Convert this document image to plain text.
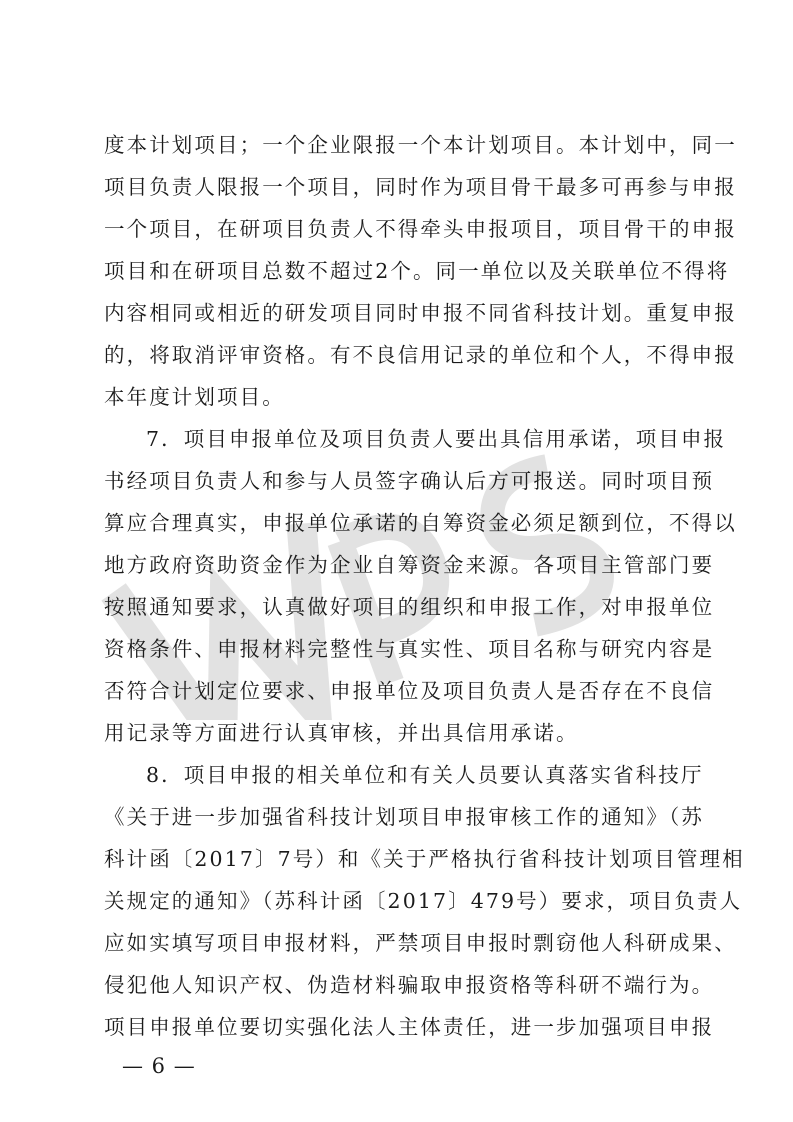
度本计划项目；一个企业限报一个本计划项目。本计划中，同一
项目负责人限报一个项目，同时作为项目骨干最多可再参与申报
一个项目，在研项目负责人不得牵头申报项目，项目骨干的申报
项目和在研项目总数不超过2个。同一单位以及关联单位不得将
内容相同或相近的研发项目同时申报不同省科技计划。重复申报
的，将取消评审资格。有不良信用记录的单位和个人，不得申报
本年度计划项目。
7．项目申报单位及项目负责人要出具信用承诺，项目申报
书经项目负责人和参与人员签字确认后方可报送。同时项目预
算应合理真实，申报单位承诺的自筹资金必须足额到位，不得以
地方政府资助资金作为企业自筹资金来源。各项目主管部门要
按照通知要求，认真做好项目的组织和申报工作，对申报单位
资格条件、申报材料完整性与真实性、项目名称与研究内容是
否符合计划定位要求、申报单位及项目负责人是否存在不良信
用记录等方面进行认真审核，并出具信用承诺。
8．项目申报的相关单位和有关人员要认真落实省科技厅
《关于进一步加强省科技计划项目申报审核工作的通知》（苏
科计函〔2017〕7号）和《关于严格执行省科技计划项目管理相
关规定的通知》（苏科计函〔2017〕479号）要求，项目负责人
应如实填写项目申报材料，严禁项目申报时剽窃他人科研成果、
侵犯他人知识产权、伪造材料骗取申报资格等科研不端行为。
项目申报单位要切实强化法人主体责任，进一步加强项目申报
— 6 —
